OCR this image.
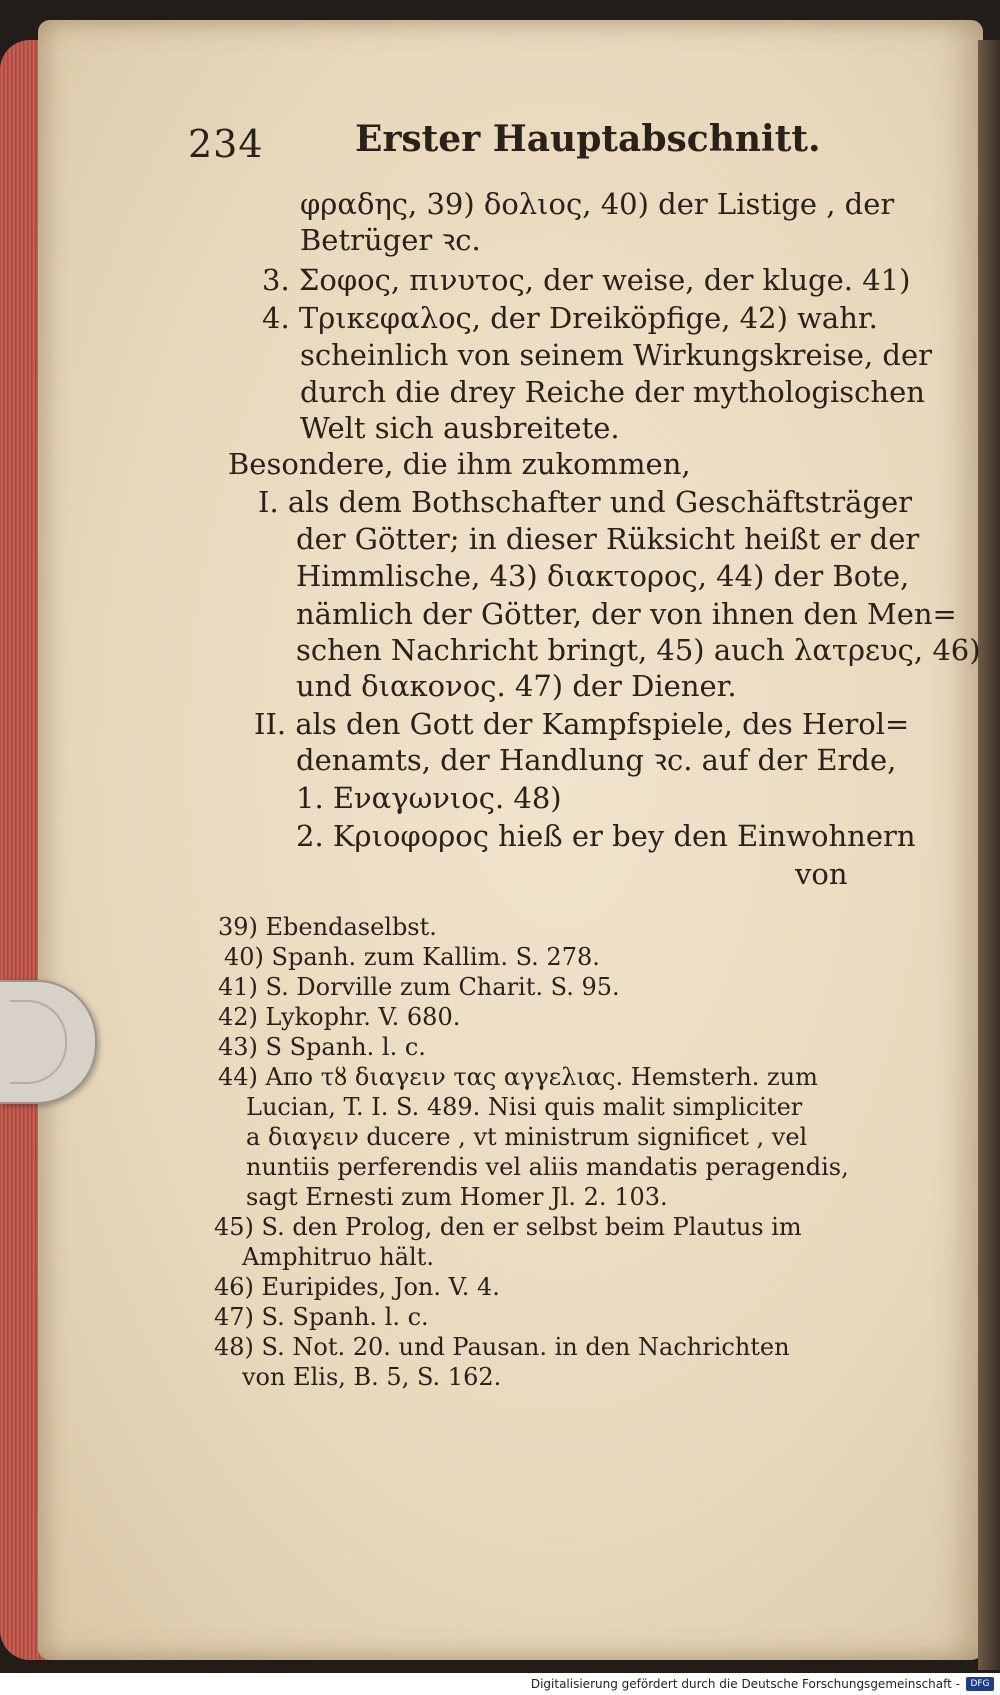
234	Erster Hauptabschnitt.
φραδης, 39) δολιος, 40) der Listige , der
Betrüger ꝛc.
3. Σοφος, πινυτος, der weise, der kluge. 41)
4. Τρικεφαλος, der Dreiköpfige, 42) wahr.
scheinlich von seinem Wirkungskreise, der
durch die drey Reiche der mythologischen
Welt sich ausbreitete.
Besondere, die ihm zukommen,
I. als dem Bothschafter und Geschäftsträger
der Götter; in dieser Rüksicht heißt er der
Himmlische, 43) διακτορος, 44) der Bote,
nämlich der Götter, der von ihnen den Men=
schen Nachricht bringt, 45) auch λατρευς, 46)
und διακονος. 47) der Diener.
II. als den Gott der Kampfspiele, des Herol=
denamts, der Handlung ꝛc. auf der Erde,
1. Εναγωνιος. 48)
2. Κριοφορος hieß er bey den Einwohnern
von
39) Ebendaselbst.
40) Spanh. zum Kallim. S. 278.
41) S. Dorville zum Charit. S. 95.
42) Lykophr. V. 680.
43) S Spanh. l. c.
44) Απο τȣ διαγειν τας αγγελιας. Hemsterh. zum
Lucian, T. I. S. 489. Nisi quis malit simpliciter
a διαγειν ducere , vt ministrum significet , vel
nuntiis perferendis vel aliis mandatis peragendis,
sagt Ernesti zum Homer Jl. 2. 103.
45) S. den Prolog, den er selbst beim Plautus im
Amphitruo hält.
46) Euripides, Jon. V. 4.
47) S. Spanh. l. c.
48) S. Not. 20. und Pausan. in den Nachrichten
von Elis, B. 5, S. 162.
Digitalisierung gefördert durch die Deutsche Forschungsgemeinschaft -	DFG
